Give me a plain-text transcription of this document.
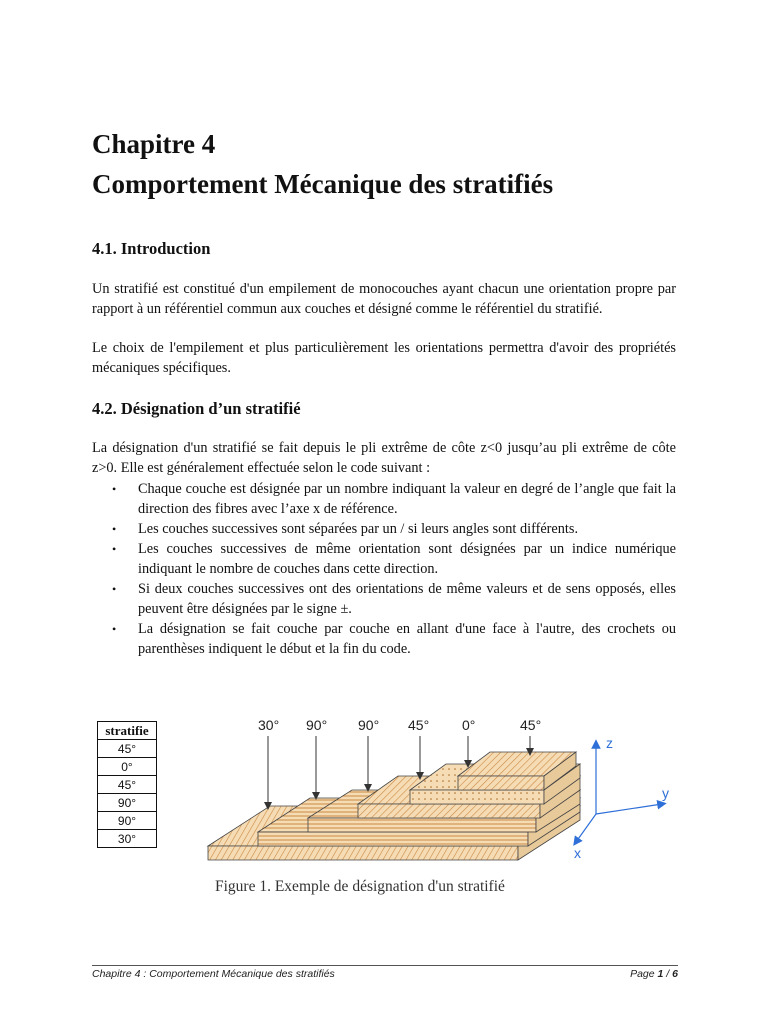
Chapitre 4
Comportement Mécanique des stratifiés
4.1. Introduction

Un stratifié est constitué d'un empilement de monocouches ayant chacun une orientation propre par rapport à un référentiel commun aux couches et désigné comme le référentiel du stratifié.

Le choix de l'empilement et plus particulièrement les orientations permettra d'avoir des propriétés mécaniques spécifiques.

4.2. Désignation d’un stratifié

La désignation d'un stratifié se fait depuis le pli extrême de côte z<0 jusqu’au pli extrême de côte z>0. Elle est généralement effectuée selon le code suivant :

• Chaque couche est désignée par un nombre indiquant la valeur en degré de l’angle que fait la direction des fibres avec l’axe x de référence.
• Les couches successives sont séparées par un / si leurs angles sont différents.
• Les couches successives de même orientation sont désignées par un indice numérique indiquant le nombre de couches dans cette direction.
• Si deux couches successives ont des orientations de même valeurs et de sens opposés, elles peuvent être désignées par le signe ±.
• La désignation se fait couche par couche en allant d'une face à l'autre, des crochets ou parenthèses indiquent le début et la fin du code.
stratifie
45°
0°
45°
90°
90°
30°
30° 90° 90° 45° 0°	45°
z
y
x
Figure 1. Exemple de désignation d'un stratifié
Chapitre 4 : Comportement Mécanique des stratifiés	Page 1 / 6
